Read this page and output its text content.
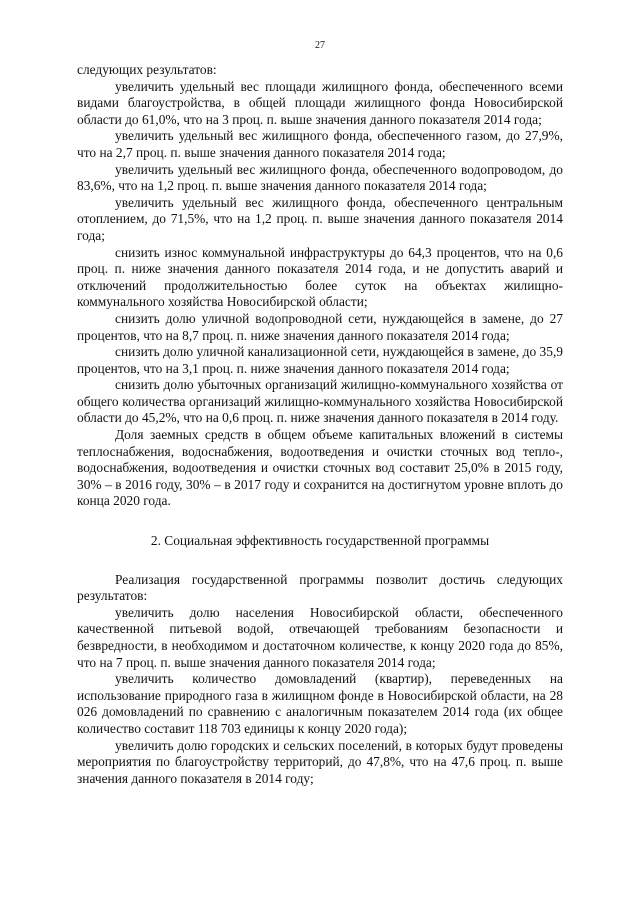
27

следующих результатов:

увеличить удельный вес площади жилищного фонда, обеспеченного всеми видами благоустройства, в общей площади жилищного фонда Новосибирской области до 61,0%, что на 3 проц. п. выше значения данного показателя 2014 года;

увеличить удельный вес жилищного фонда, обеспеченного газом, до 27,9%, что на 2,7 проц. п. выше значения данного показателя 2014 года;

увеличить удельный вес жилищного фонда, обеспеченного водопроводом, до 83,6%, что на 1,2 проц. п. выше значения данного показателя 2014 года;

увеличить удельный вес жилищного фонда, обеспеченного центральным отоплением, до 71,5%, что на 1,2 проц. п. выше значения данного показателя 2014 года;

снизить износ коммунальной инфраструктуры до 64,3 процентов, что на 0,6 проц. п. ниже значения данного показателя 2014 года, и не допустить аварий и отключений продолжительностью более суток на объектах жилищно-коммунального хозяйства Новосибирской области;

снизить долю уличной водопроводной сети, нуждающейся в замене, до 27 процентов, что на 8,7 проц. п. ниже значения данного показателя 2014 года;

снизить долю уличной канализационной сети, нуждающейся в замене, до 35,9 процентов, что на 3,1 проц. п. ниже значения данного показателя 2014 года;

снизить долю убыточных организаций жилищно-коммунального хозяйства от общего количества организаций жилищно-коммунального хозяйства Новосибирской области до 45,2%, что на 0,6 проц. п. ниже значения данного показателя в 2014 году.

Доля заемных средств в общем объеме капитальных вложений в системы теплоснабжения, водоснабжения, водоотведения и очистки сточных вод тепло-, водоснабжения, водоотведения и очистки сточных вод составит 25,0% в 2015 году, 30% – в 2016 году, 30% – в 2017 году и сохранится на достигнутом уровне вплоть до конца 2020 года.

2. Социальная эффективность государственной программы

Реализация государственной программы позволит достичь следующих результатов:

увеличить долю населения Новосибирской области, обеспеченного качественной питьевой водой, отвечающей требованиям безопасности и безвредности, в необходимом и достаточном количестве, к концу 2020 года до 85%, что на 7 проц. п. выше значения данного показателя 2014 года;

увеличить количество домовладений (квартир), переведенных на использование природного газа в жилищном фонде в Новосибирской области, на 28 026 домовладений по сравнению с аналогичным показателем 2014 года (их общее количество составит 118 703 единицы к концу 2020 года);

увеличить долю городских и сельских поселений, в которых будут проведены мероприятия по благоустройству территорий, до 47,8%, что на 47,6 проц. п. выше значения данного показателя в 2014 году;
